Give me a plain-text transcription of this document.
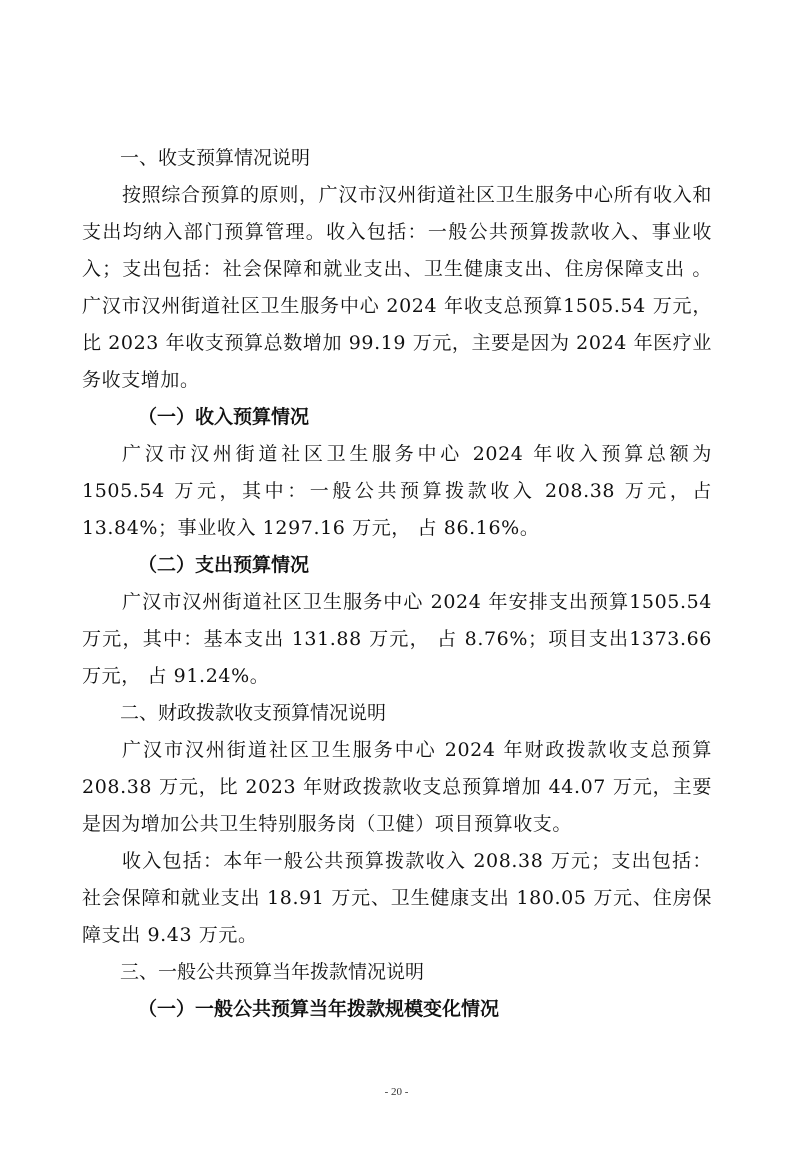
一、收支预算情况说明

按照综合预算的原则，广汉市汉州街道社区卫生服务中心所有收入和支出均纳入部门预算管理。收入包括：一般公共预算拨款收入、事业收入；支出包括：社会保障和就业支出、卫生健康支出、住房保障支出 。广汉市汉州街道社区卫生服务中心 2024 年收支总预算1505.54 万元， 比 2023 年收支预算总数增加 99.19 万元，主要是因为 2024 年医疗业务收支增加。

（一）收入预算情况

广汉市汉州街道社区卫生服务中心 2024 年收入预算总额为1505.54 万元，其中：一般公共预算拨款收入 208.38 万元，占 13.84%；事业收入 1297.16 万元， 占 86.16%。

（二）支出预算情况

广汉市汉州街道社区卫生服务中心 2024 年安排支出预算1505.54 万元，其中：基本支出 131.88 万元， 占 8.76%；项目支出1373.66 万元， 占 91.24%。

二、财政拨款收支预算情况说明

广汉市汉州街道社区卫生服务中心 2024 年财政拨款收支总预算208.38 万元，比 2023 年财政拨款收支总预算增加 44.07 万元，主要是因为增加公共卫生特别服务岗（卫健）项目预算收支。

收入包括：本年一般公共预算拨款收入 208.38 万元；支出包括：社会保障和就业支出 18.91 万元、卫生健康支出 180.05 万元、住房保障支出 9.43 万元。

三、一般公共预算当年拨款情况说明
（一）一般公共预算当年拨款规模变化情况
- 20 -
